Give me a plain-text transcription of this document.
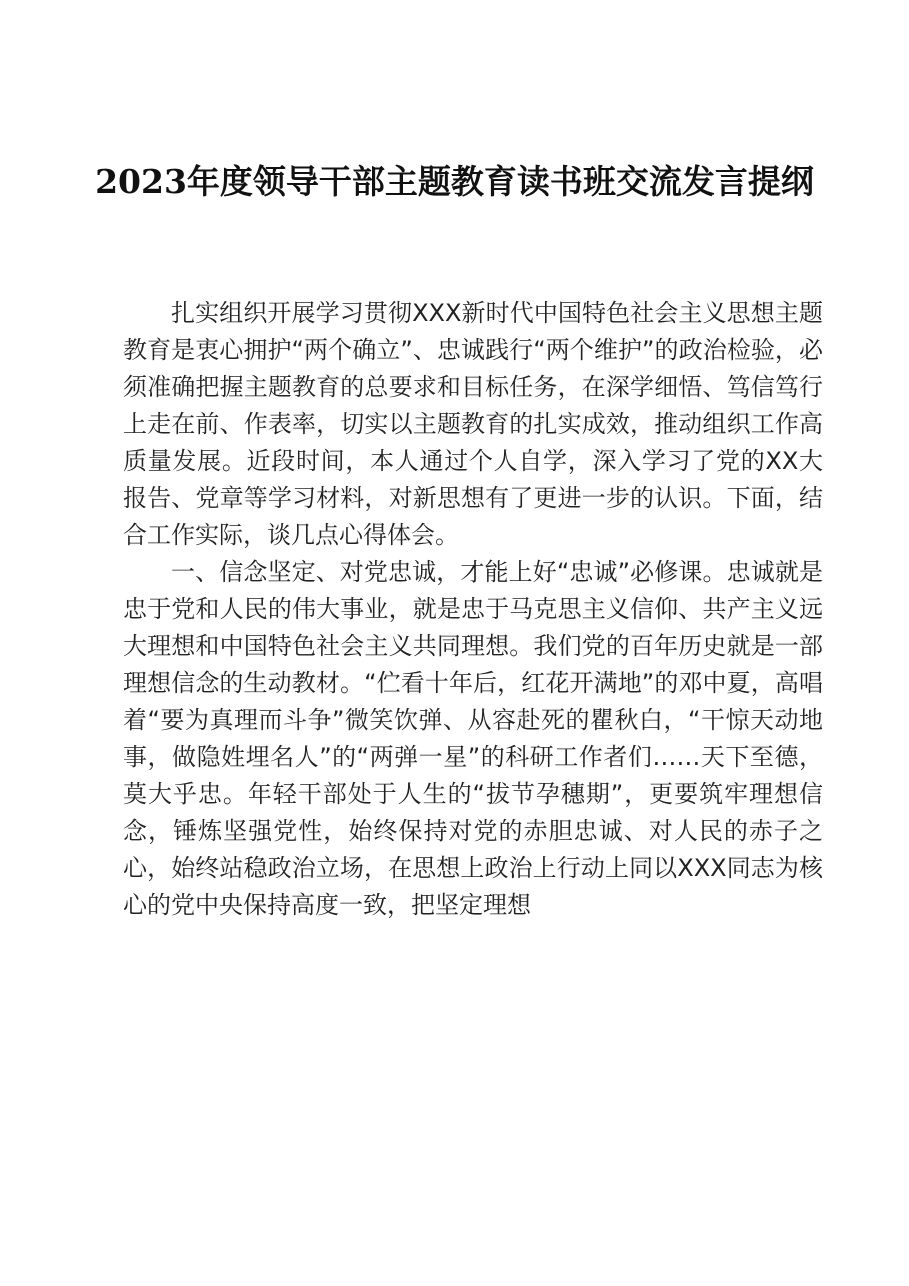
2023年度领导干部主题教育读书班交流发言提纲

扎实组织开展学习贯彻XXX新时代中国特色社会主义思想主题教育是衷心拥护“两个确立”、忠诚践行“两个维护”的政治检验，必须准确把握主题教育的总要求和目标任务，在深学细悟、笃信笃行上走在前、作表率，切实以主题教育的扎实成效，推动组织工作高质量发展。近段时间，本人通过个人自学，深入学习了党的XX大报告、党章等学习材料，对新思想有了更进一步的认识。下面，结合工作实际，谈几点心得体会。

一、信念坚定、对党忠诚，才能上好“忠诚”必修课。忠诚就是忠于党和人民的伟大事业，就是忠于马克思主义信仰、共产主义远大理想和中国特色社会主义共同理想。我们党的百年历史就是一部理想信念的生动教材。“伫看十年后，红花开满地”的邓中夏，高唱着“要为真理而斗争”微笑饮弹、从容赴死的瞿秋白，“干惊天动地事，做隐姓埋名人”的“两弹一星”的科研工作者们……天下至德，莫大乎忠。年轻干部处于人生的“拔节孕穗期”，更要筑牢理想信念，锤炼坚强党性，始终保持对党的赤胆忠诚、对人民的赤子之心，始终站稳政治立场，在思想上政治上行动上同以XXX同志为核心的党中央保持高度一致，把坚定理想
